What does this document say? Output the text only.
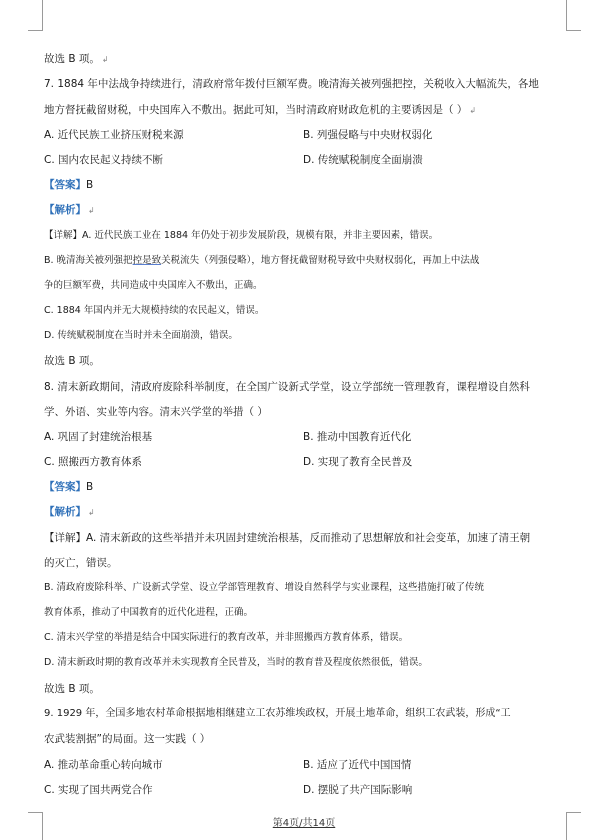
故选 B 项。 ↲
7. 1884 年中法战争持续进行，清政府常年拨付巨额军费。晚清海关被列强把控，关税收入大幅流失，各地
地方督抚截留财税，中央国库入不敷出。据此可知，当时清政府财政危机的主要诱因是（ ） ↲
A. 近代民族工业挤压财税来源	B. 列强侵略与中央财权弱化
C. 国内农民起义持续不断	D. 传统赋税制度全面崩溃
【答案】B
【解析】 ↲
【详解】A. 近代民族工业在 1884 年仍处于初步发展阶段，规模有限，并非主要因素，错误。
B. 晚清海关被列强把控是致关税流失（列强侵略），地方督抚截留财税导致中央财权弱化，再加上中法战
争的巨额军费，共同造成中央国库入不敷出，正确。
C. 1884 年国内并无大规模持续的农民起义，错误。
D. 传统赋税制度在当时并未全面崩溃，错误。
故选 B 项。
8. 清末新政期间，清政府废除科举制度，在全国广设新式学堂，设立学部统一管理教育，课程增设自然科
学、外语、实业等内容。清末兴学堂的举措（ ）
A. 巩固了封建统治根基	B. 推动中国教育近代化
C. 照搬西方教育体系	D. 实现了教育全民普及
【答案】B
【解析】 ↲
【详解】A. 清末新政的这些举措并未巩固封建统治根基，反而推动了思想解放和社会变革，加速了清王朝
的灭亡，错误。
B. 清政府废除科举、广设新式学堂、设立学部管理教育、增设自然科学与实业课程，这些措施打破了传统
教育体系，推动了中国教育的近代化进程，正确。
C. 清末兴学堂的举措是结合中国实际进行的教育改革，并非照搬西方教育体系，错误。
D. 清末新政时期的教育改革并未实现教育全民普及，当时的教育普及程度依然很低，错误。
故选 B 项。
9. 1929 年，全国多地农村革命根据地相继建立工农苏维埃政权，开展土地革命，组织工农武装，形成“工
农武装割据”的局面。这一实践（ ）
A. 推动革命重心转向城市	B. 适应了近代中国国情
C. 实现了国共两党合作	D. 摆脱了共产国际影响
第4页/共14页
